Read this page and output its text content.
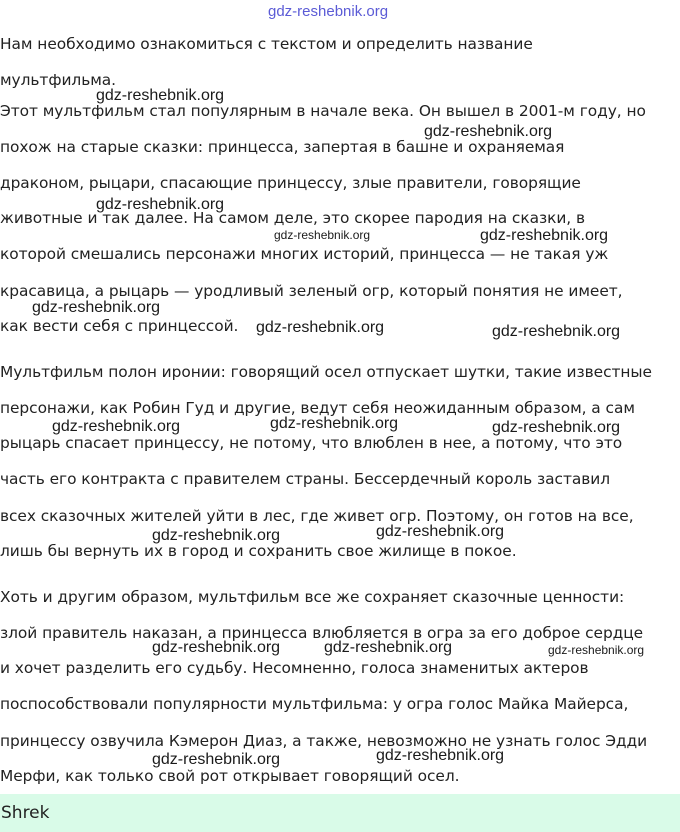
gdz-reshebnik.org
Нам необходимо ознакомиться с текстом и определить название
мультфильма.
Этот мультфильм стал популярным в начале века. Он вышел в 2001-м году, но
похож на старые сказки: принцесса, запертая в башне и охраняемая
драконом, рыцари, спасающие принцессу, злые правители, говорящие
животные и так далее. На самом деле, это скорее пародия на сказки, в
которой смешались персонажи многих историй, принцесса — не такая уж
красавица, а рыцарь — уродливый зеленый огр, который понятия не имеет,
как вести себя с принцессой.
Мультфильм полон иронии: говорящий осел отпускает шутки, такие известные
персонажи, как Робин Гуд и другие, ведут себя неожиданным образом, а сам
рыцарь спасает принцессу, не потому, что влюблен в нее, а потому, что это
часть его контракта с правителем страны. Бессердечный король заставил
всех сказочных жителей уйти в лес, где живет огр. Поэтому, он готов на все,
лишь бы вернуть их в город и сохранить свое жилище в покое.
Хоть и другим образом, мультфильм все же сохраняет сказочные ценности:
злой правитель наказан, а принцесса влюбляется в огра за его доброе сердце
и хочет разделить его судьбу. Несомненно, голоса знаменитых актеров
поспособствовали популярности мультфильма: у огра голос Майка Майерса,
принцессу озвучила Кэмерон Диаз, а также, невозможно не узнать голос Эдди
Мерфи, как только свой рот открывает говорящий осел.
gdz-reshebnik.org
gdz-reshebnik.org
gdz-reshebnik.org
gdz-reshebnik.org	gdz-reshebnik.org
gdz-reshebnik.org
gdz-reshebnik.org	gdz-reshebnik.org
gdz-reshebnik.org	gdz-reshebnik.org	gdz-reshebnik.org
gdz-reshebnik.org
gdz-reshebnik.org
gdz-reshebnik.org	gdz-reshebnik.org	gdz-reshebnik.org
gdz-reshebnik.org
gdz-reshebnik.org
Shrek
